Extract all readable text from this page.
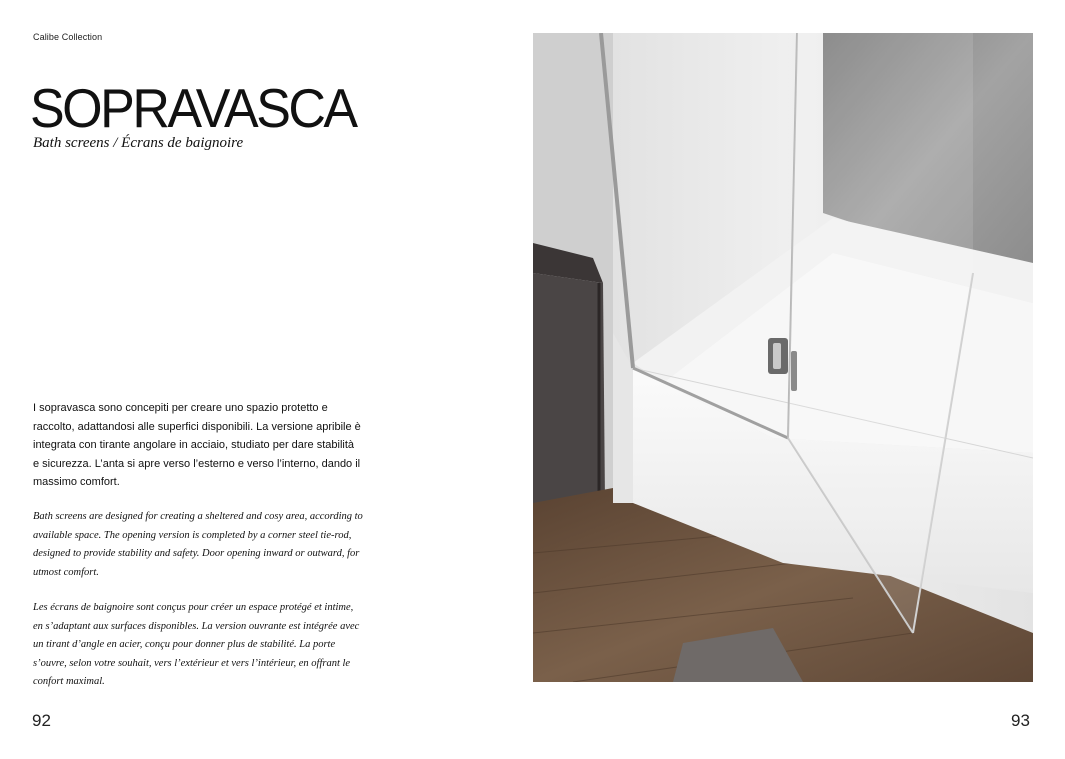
Calibe Collection
SOPRAVASCA
Bath screens / Écrans de baignoire

I sopravasca sono concepiti per creare uno spazio protetto e raccolto, adattandosi alle superfici disponibili. La versione apribile è integrata con tirante angolare in acciaio, studiato per dare stabilità e sicurezza. L’anta si apre verso l’esterno e verso l’interno, dando il massimo comfort.

Bath screens are designed for creating a sheltered and cosy area, according to available space. The opening version is completed by a corner steel tie-rod, designed to provide stability and safety. Door opening inward or outward, for utmost comfort.

Les écrans de baignoire sont conçus pour créer un espace protégé et intime, en s’adaptant aux surfaces disponibles. La version ouvrante est intégrée avec un tirant d’angle en acier, conçu pour donner plus de stabilité. La porte s’ouvre, selon votre souhait, vers l’extérieur et vers l’intérieur, en offrant le confort maximal.

92	93
